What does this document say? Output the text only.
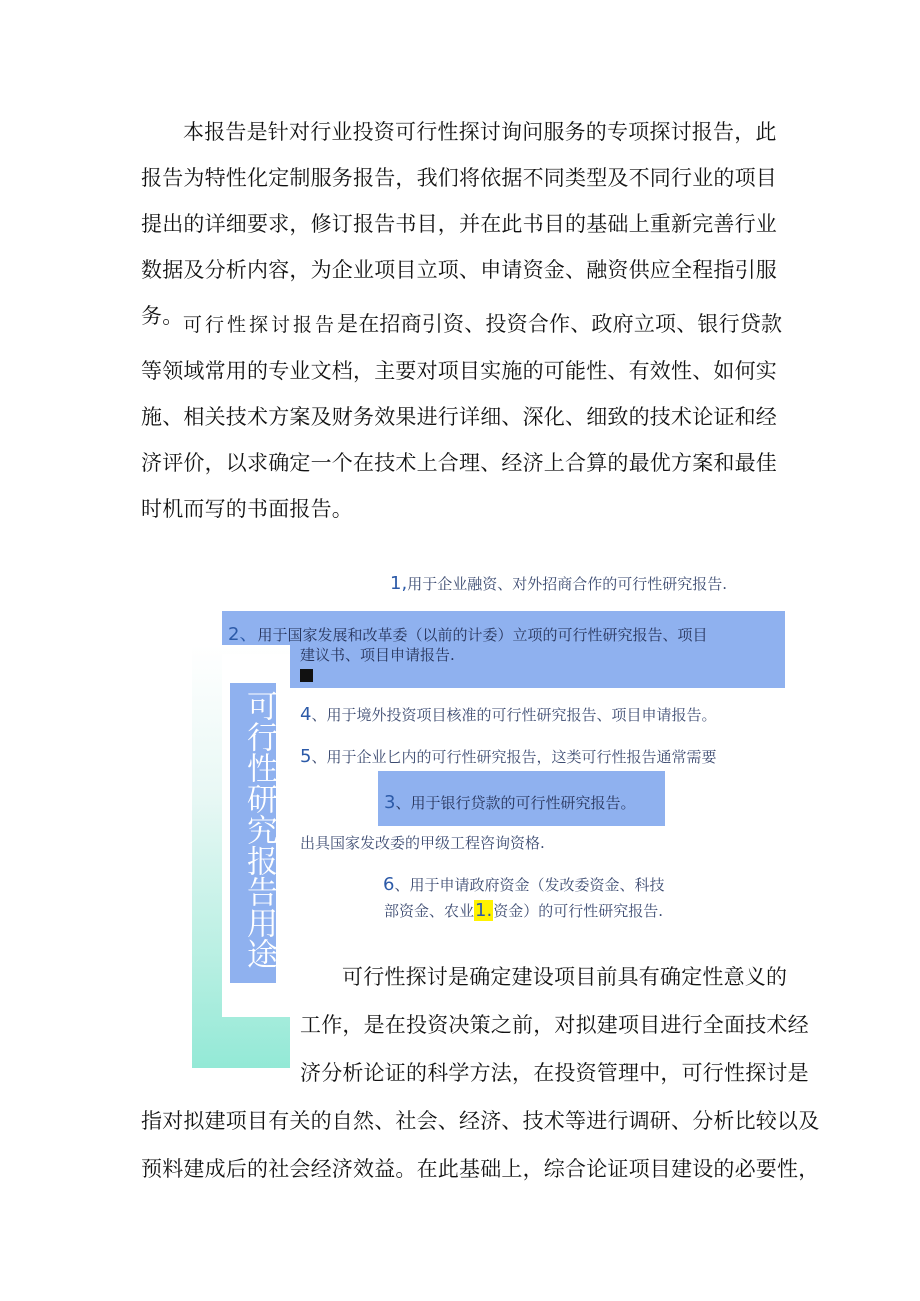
本报告是针对行业投资可行性探讨询问服务的专项探讨报告，此报告为特性化定制服务报告，我们将依据不同类型及不同行业的项目提出的详细要求，修订报告书目，并在此书目的基础上重新完善行业数据及分析内容，为企业项目立项、申请资金、融资供应全程指引服务。 可行性探讨报告是在招商引资、投资合作、政府立项、银行贷款等领域常用的专业文档，主要对项目实施的可能性、有效性、如何实施、相关技术方案及财务效果进行详细、深化、细致的技术论证和经济评价，以求确定一个在技术上合理、经济上合算的最优方案和最佳时机而写的书面报告。

1,用于企业融资、对外招商合作的可行性研究报告.
2、用于国家发展和改革委（以前的计委）立项的可行性研究报告、项目
建议书、项目申请报告.
可行性研究报告用途 4、用于境外投资项目核准的可行性研究报告、项目申请报告。
5、用于企业匕内的可行性研究报告，这类可行性报告通常需要
3、用于银行贷款的可行性研究报告。
出具国家发改委的甲级工程咨询资格.
6、用于申请政府资金（发改委资金、科技
部资金、农业1.资金）的可行性研究报告.

可行性探讨是确定建设项目前具有确定性意义的

工作，是在投资决策之前，对拟建项目进行全面技术经

济分析论证的科学方法，在投资管理中，可行性探讨是

指对拟建项目有关的自然、社会、经济、技术等进行调研、分析比较以及

预料建成后的社会经济效益。在此基础上，综合论证项目建设的必要性，
